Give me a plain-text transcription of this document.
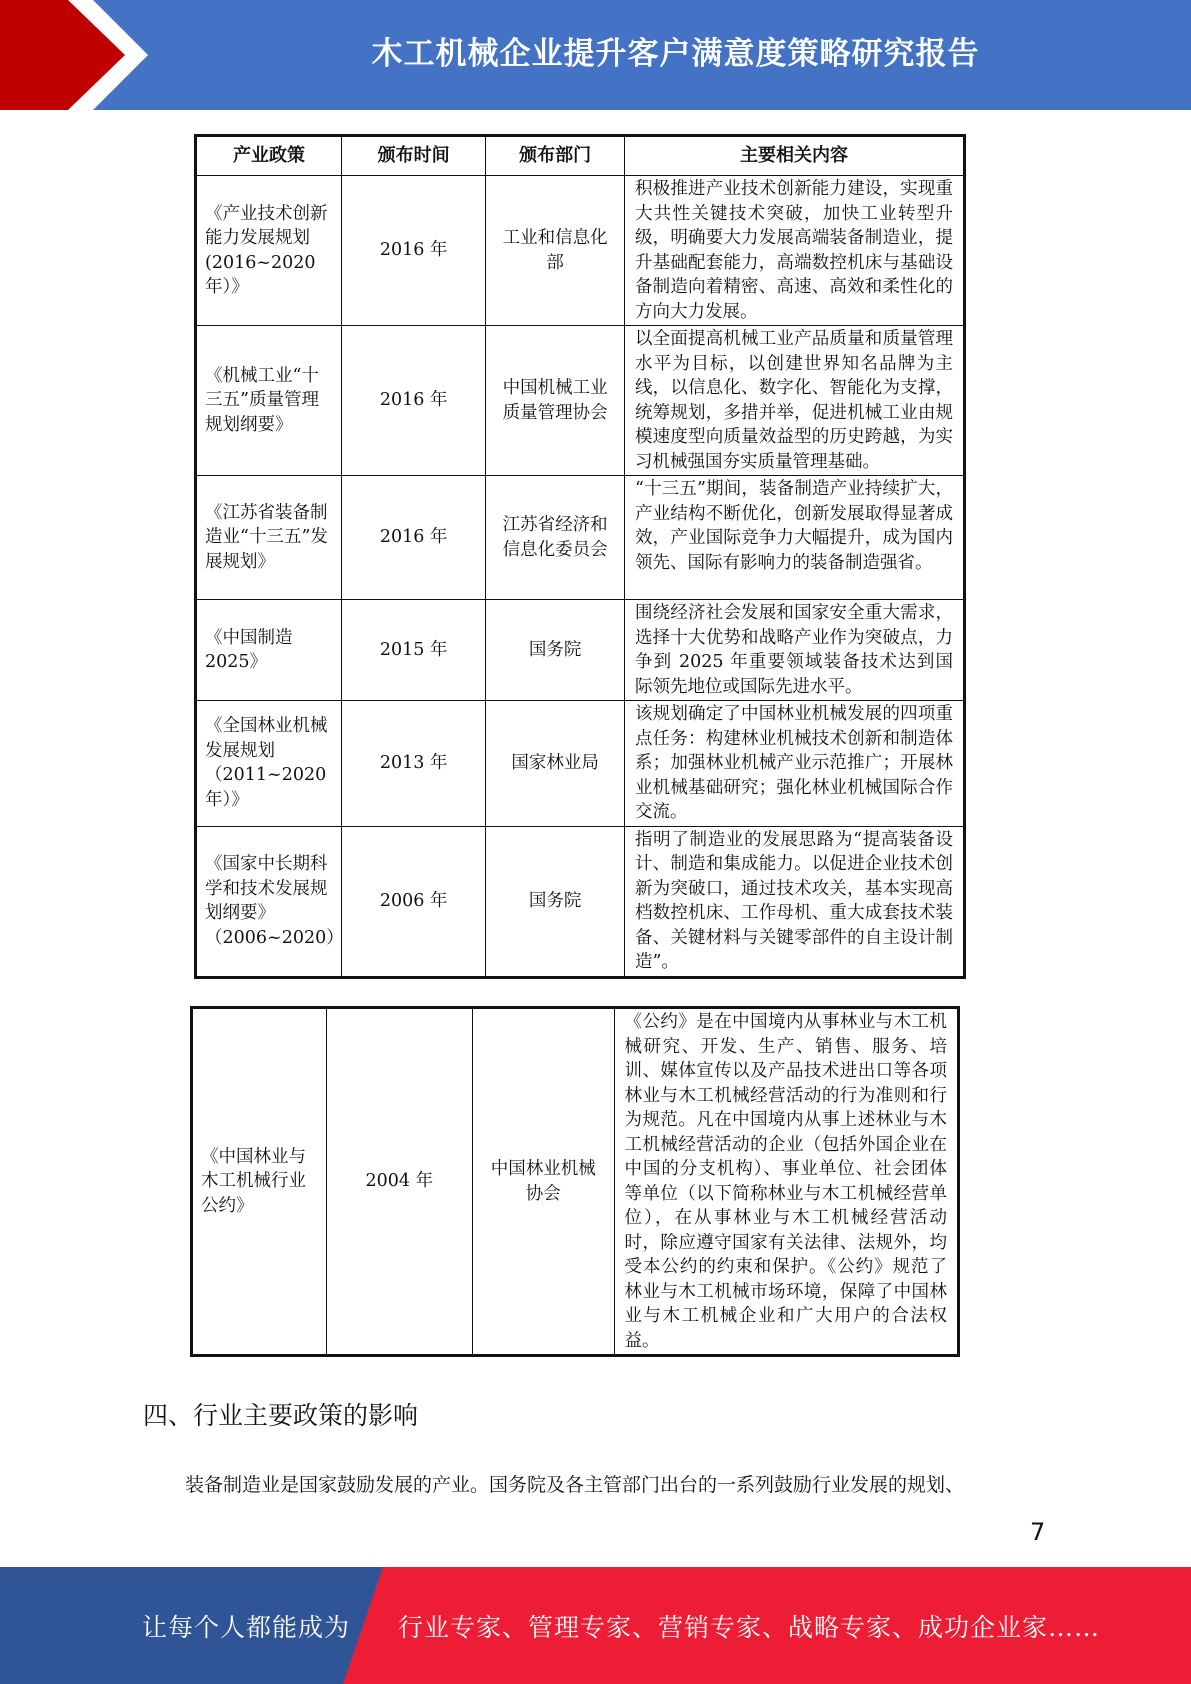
木工机械企业提升客户满意度策略研究报告
产业政策	颁布时间	颁布部门	主要相关内容
《产业技术创新能力发展规划(2016~2020年）》	2016 年	工业和信息化部	积极推进产业技术创新能力建设，实现重大共性关键技术突破，加快工业转型升级，明确要大力发展高端装备制造业，提升基础配套能力，高端数控机床与基础设备制造向着精密、高速、高效和柔性化的方向大力发展。
《机械工业“十三五”质量管理规划纲要》	2016 年	中国机械工业质量管理协会	以全面提高机械工业产品质量和质量管理水平为目标，以创建世界知名品牌为主线，以信息化、数字化、智能化为支撑，统筹规划，多措并举，促进机械工业由规模速度型向质量效益型的历史跨越，为实习机械强国夯实质量管理基础。
《江苏省装备制造业“十三五”发展规划》	2016 年	江苏省经济和信息化委员会	“十三五”期间，装备制造产业持续扩大，产业结构不断优化，创新发展取得显著成效，产业国际竞争力大幅提升，成为国内领先、国际有影响力的装备制造强省。
《中国制造2025》	2015 年	国务院	围绕经济社会发展和国家安全重大需求，选择十大优势和战略产业作为突破点，力争到 2025 年重要领域装备技术达到国际领先地位或国际先进水平。
《全国林业机械发展规划（2011~2020年）》	2013 年	国家林业局	该规划确定了中国林业机械发展的四项重点任务：构建林业机械技术创新和制造体系；加强林业机械产业示范推广；开展林业机械基础研究；强化林业机械国际合作交流。
《国家中长期科学和技术发展规划纲要》（2006~2020）	2006 年	国务院	指明了制造业的发展思路为“提高装备设计、制造和集成能力。以促进企业技术创新为突破口，通过技术攻关，基本实现高档数控机床、工作母机、重大成套技术装备、关键材料与关键零部件的自主设计制造”。
《中国林业与木工机械行业公约》	2004 年	中国林业机械协会	《公约》是在中国境内从事林业与木工机械研究、开发、生产、销售、服务、培训、媒体宣传以及产品技术进出口等各项林业与木工机械经营活动的行为准则和行为规范。凡在中国境内从事上述林业与木工机械经营活动的企业（包括外国企业在中国的分支机构）、事业单位、社会团体等单位（以下简称林业与木工机械经营单位），在从事林业与木工机械经营活动时，除应遵守国家有关法律、法规外，均受本公约的约束和保护。《公约》规范了林业与木工机械市场环境，保障了中国林业与木工机械企业和广大用户的合法权益。
四、行业主要政策的影响
装备制造业是国家鼓励发展的产业。国务院及各主管部门出台的一系列鼓励行业发展的规划、
7
让每个人都能成为 行业专家、管理专家、营销专家、战略专家、成功企业家……
